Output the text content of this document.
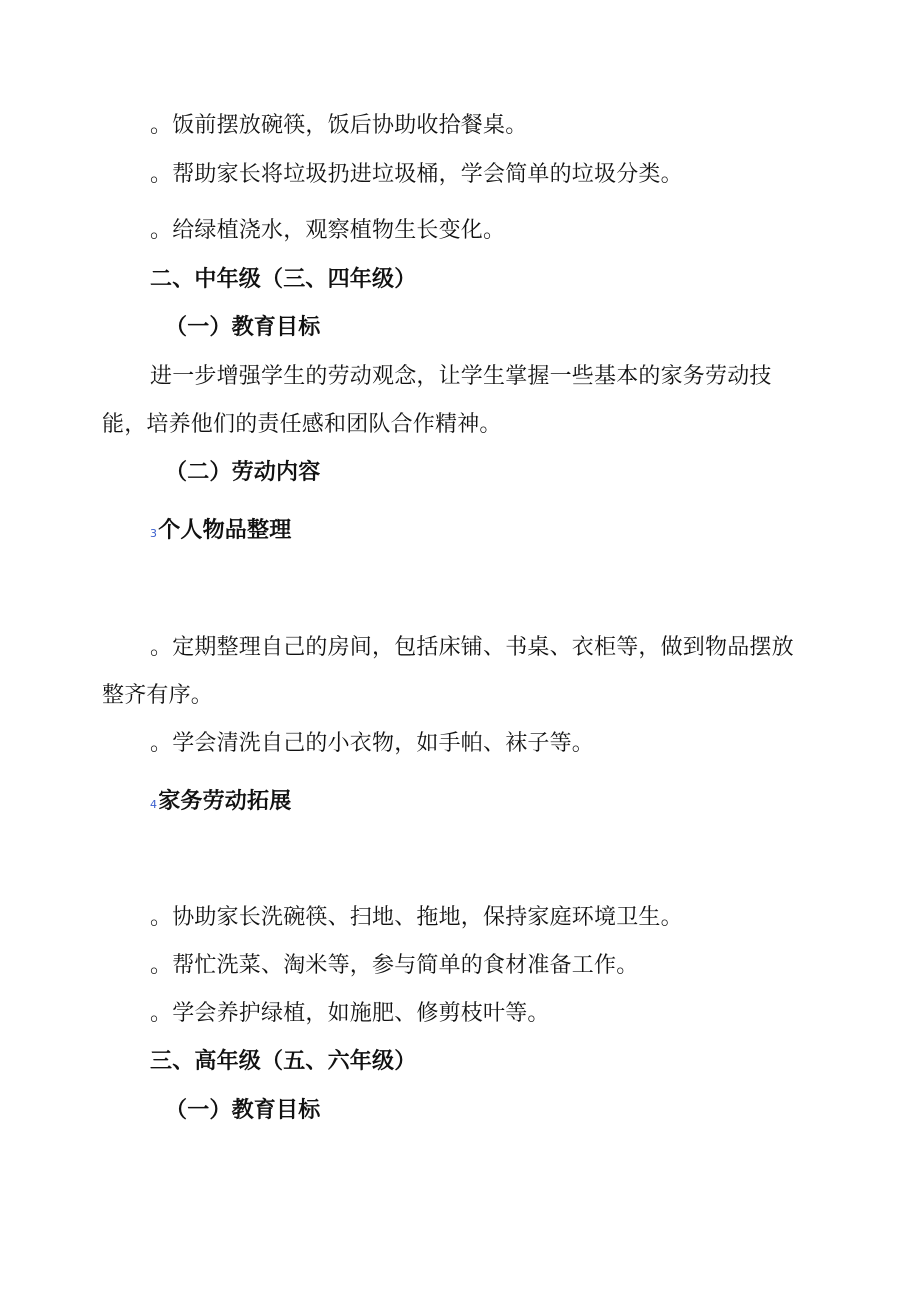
。饭前摆放碗筷，饭后协助收拾餐桌。
。帮助家长将垃圾扔进垃圾桶，学会简单的垃圾分类。
。给绿植浇水，观察植物生长变化。
二、中年级（三、四年级）
（一）教育目标
进一步增强学生的劳动观念，让学生掌握一些基本的家务劳动技
能，培养他们的责任感和团队合作精神。
（二）劳动内容
3个人物品整理
。定期整理自己的房间，包括床铺、书桌、衣柜等，做到物品摆放
整齐有序。
。学会清洗自己的小衣物，如手帕、袜子等。
4家务劳动拓展
。协助家长洗碗筷、扫地、拖地，保持家庭环境卫生。
。帮忙洗菜、淘米等，参与简单的食材准备工作。
。学会养护绿植，如施肥、修剪枝叶等。
三、高年级（五、六年级）
（一）教育目标
